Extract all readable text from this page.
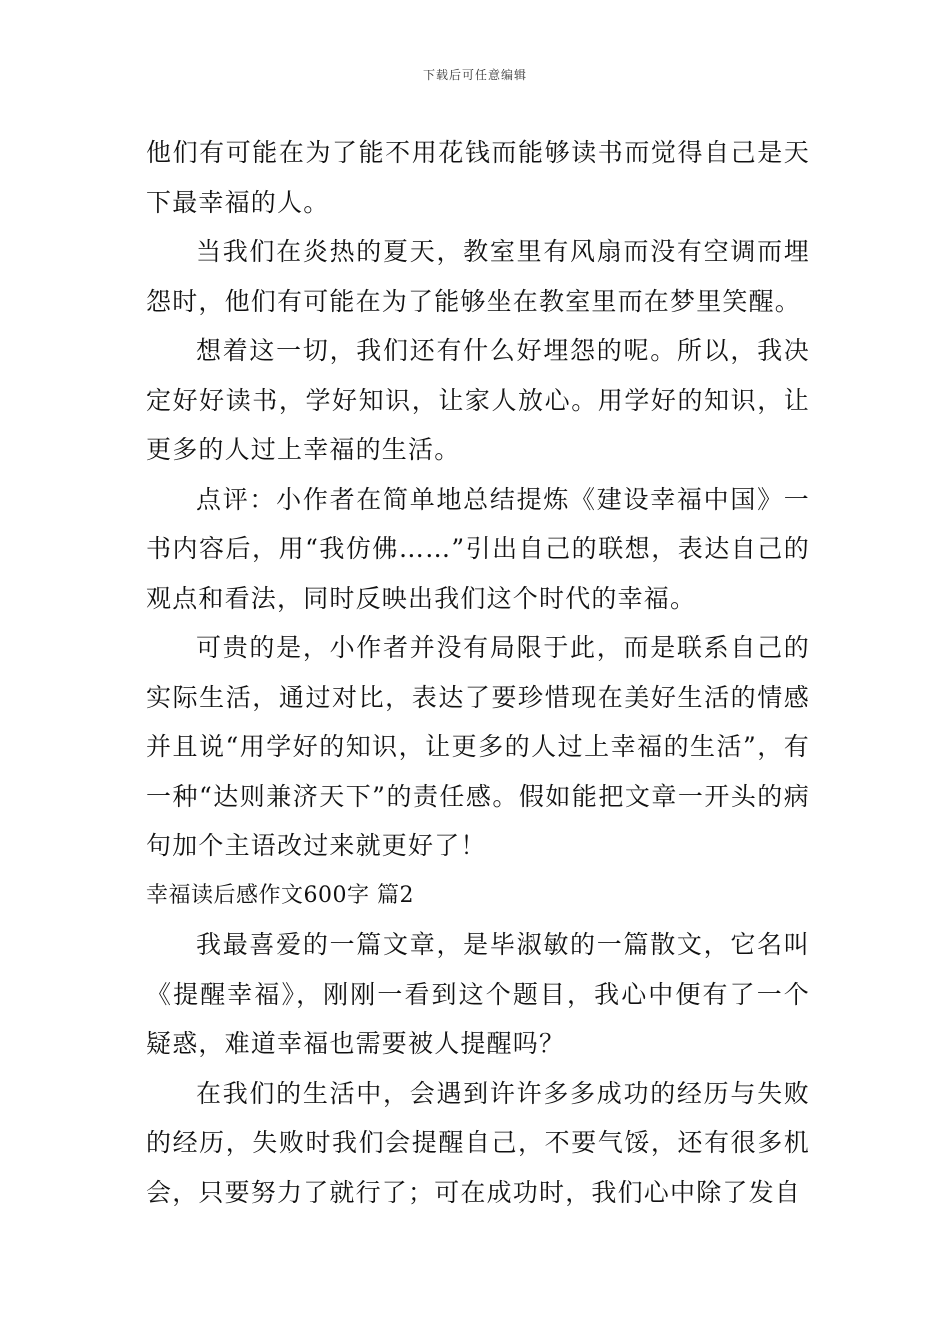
下载后可任意编辑

他们有可能在为了能不用花钱而能够读书而觉得自己是天下最幸福的人。

当我们在炎热的夏天，教室里有风扇而没有空调而埋怨时，他们有可能在为了能够坐在教室里而在梦里笑醒。

想着这一切，我们还有什么好埋怨的呢。所以，我决定好好读书，学好知识，让家人放心。用学好的知识，让更多的人过上幸福的生活。

点评：小作者在简单地总结提炼《建设幸福中国》一书内容后，用“我仿佛……”引出自己的联想，表达自己的观点和看法，同时反映出我们这个时代的幸福。

可贵的是，小作者并没有局限于此，而是联系自己的实际生活，通过对比，表达了要珍惜现在美好生活的情感并且说“用学好的知识，让更多的人过上幸福的生活”，有一种“达则兼济天下”的责任感。假如能把文章一开头的病句加个主语改过来就更好了！

幸福读后感作文600字 篇2

我最喜爱的一篇文章，是毕淑敏的一篇散文，它名叫《提醒幸福》，刚刚一看到这个题目，我心中便有了一个疑惑，难道幸福也需要被人提醒吗？

在我们的生活中，会遇到许许多多成功的经历与失败的经历，失败时我们会提醒自己，不要气馁，还有很多机会，只要努力了就行了；可在成功时，我们心中除了发自
